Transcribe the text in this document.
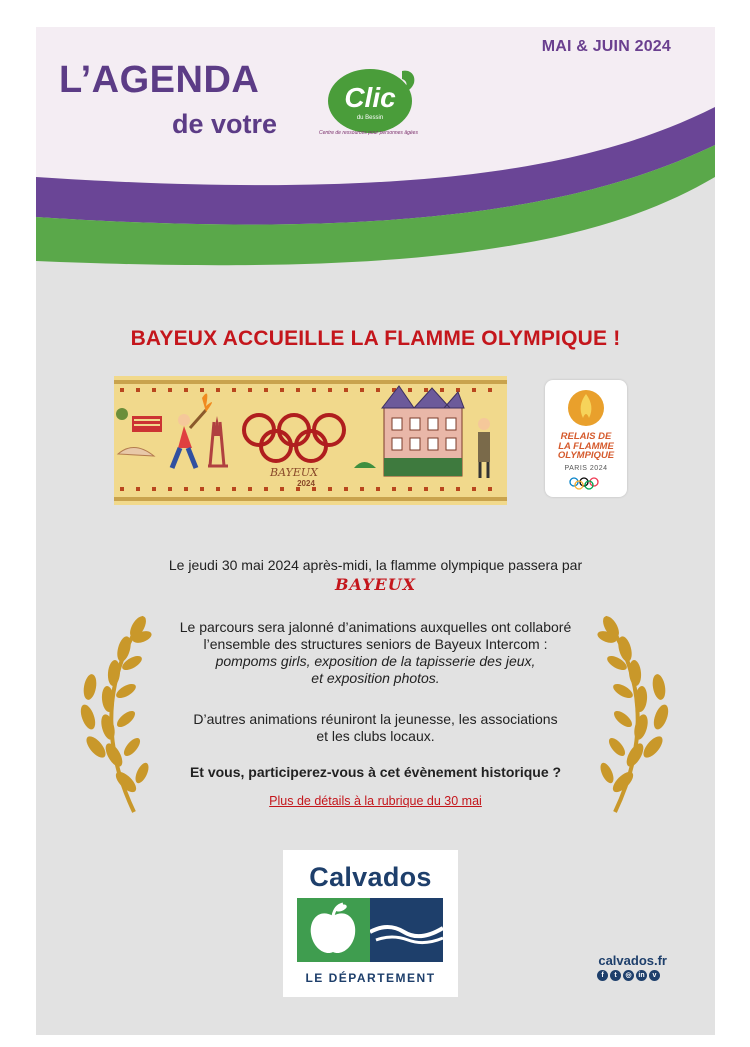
MAI & JUIN 2024
L’AGENDA
de votre
Clic
du Bessin
Centre de ressources pour personnes âgées
BAYEUX ACCUEILLE LA FLAMME OLYMPIQUE !
BAYEUX
2024
RELAIS DE
LA FLAMME
OLYMPIQUE
PARIS 2024
Le jeudi 30 mai 2024 après-midi, la flamme olympique passera par
BAYEUX
Le parcours sera jalonné d’animations auxquelles ont collaboré
l’ensemble des structures seniors de Bayeux Intercom :
pompoms girls, exposition de la tapisserie des jeux,
et exposition photos.
D’autres animations réuniront la jeunesse, les associations
et les clubs locaux.
Et vous, participerez-vous à cet évènement historique ?
Plus de détails à la rubrique du 30 mai
Calvados
LE DÉPARTEMENT
calvados.fr
f	t	◎ in	v
